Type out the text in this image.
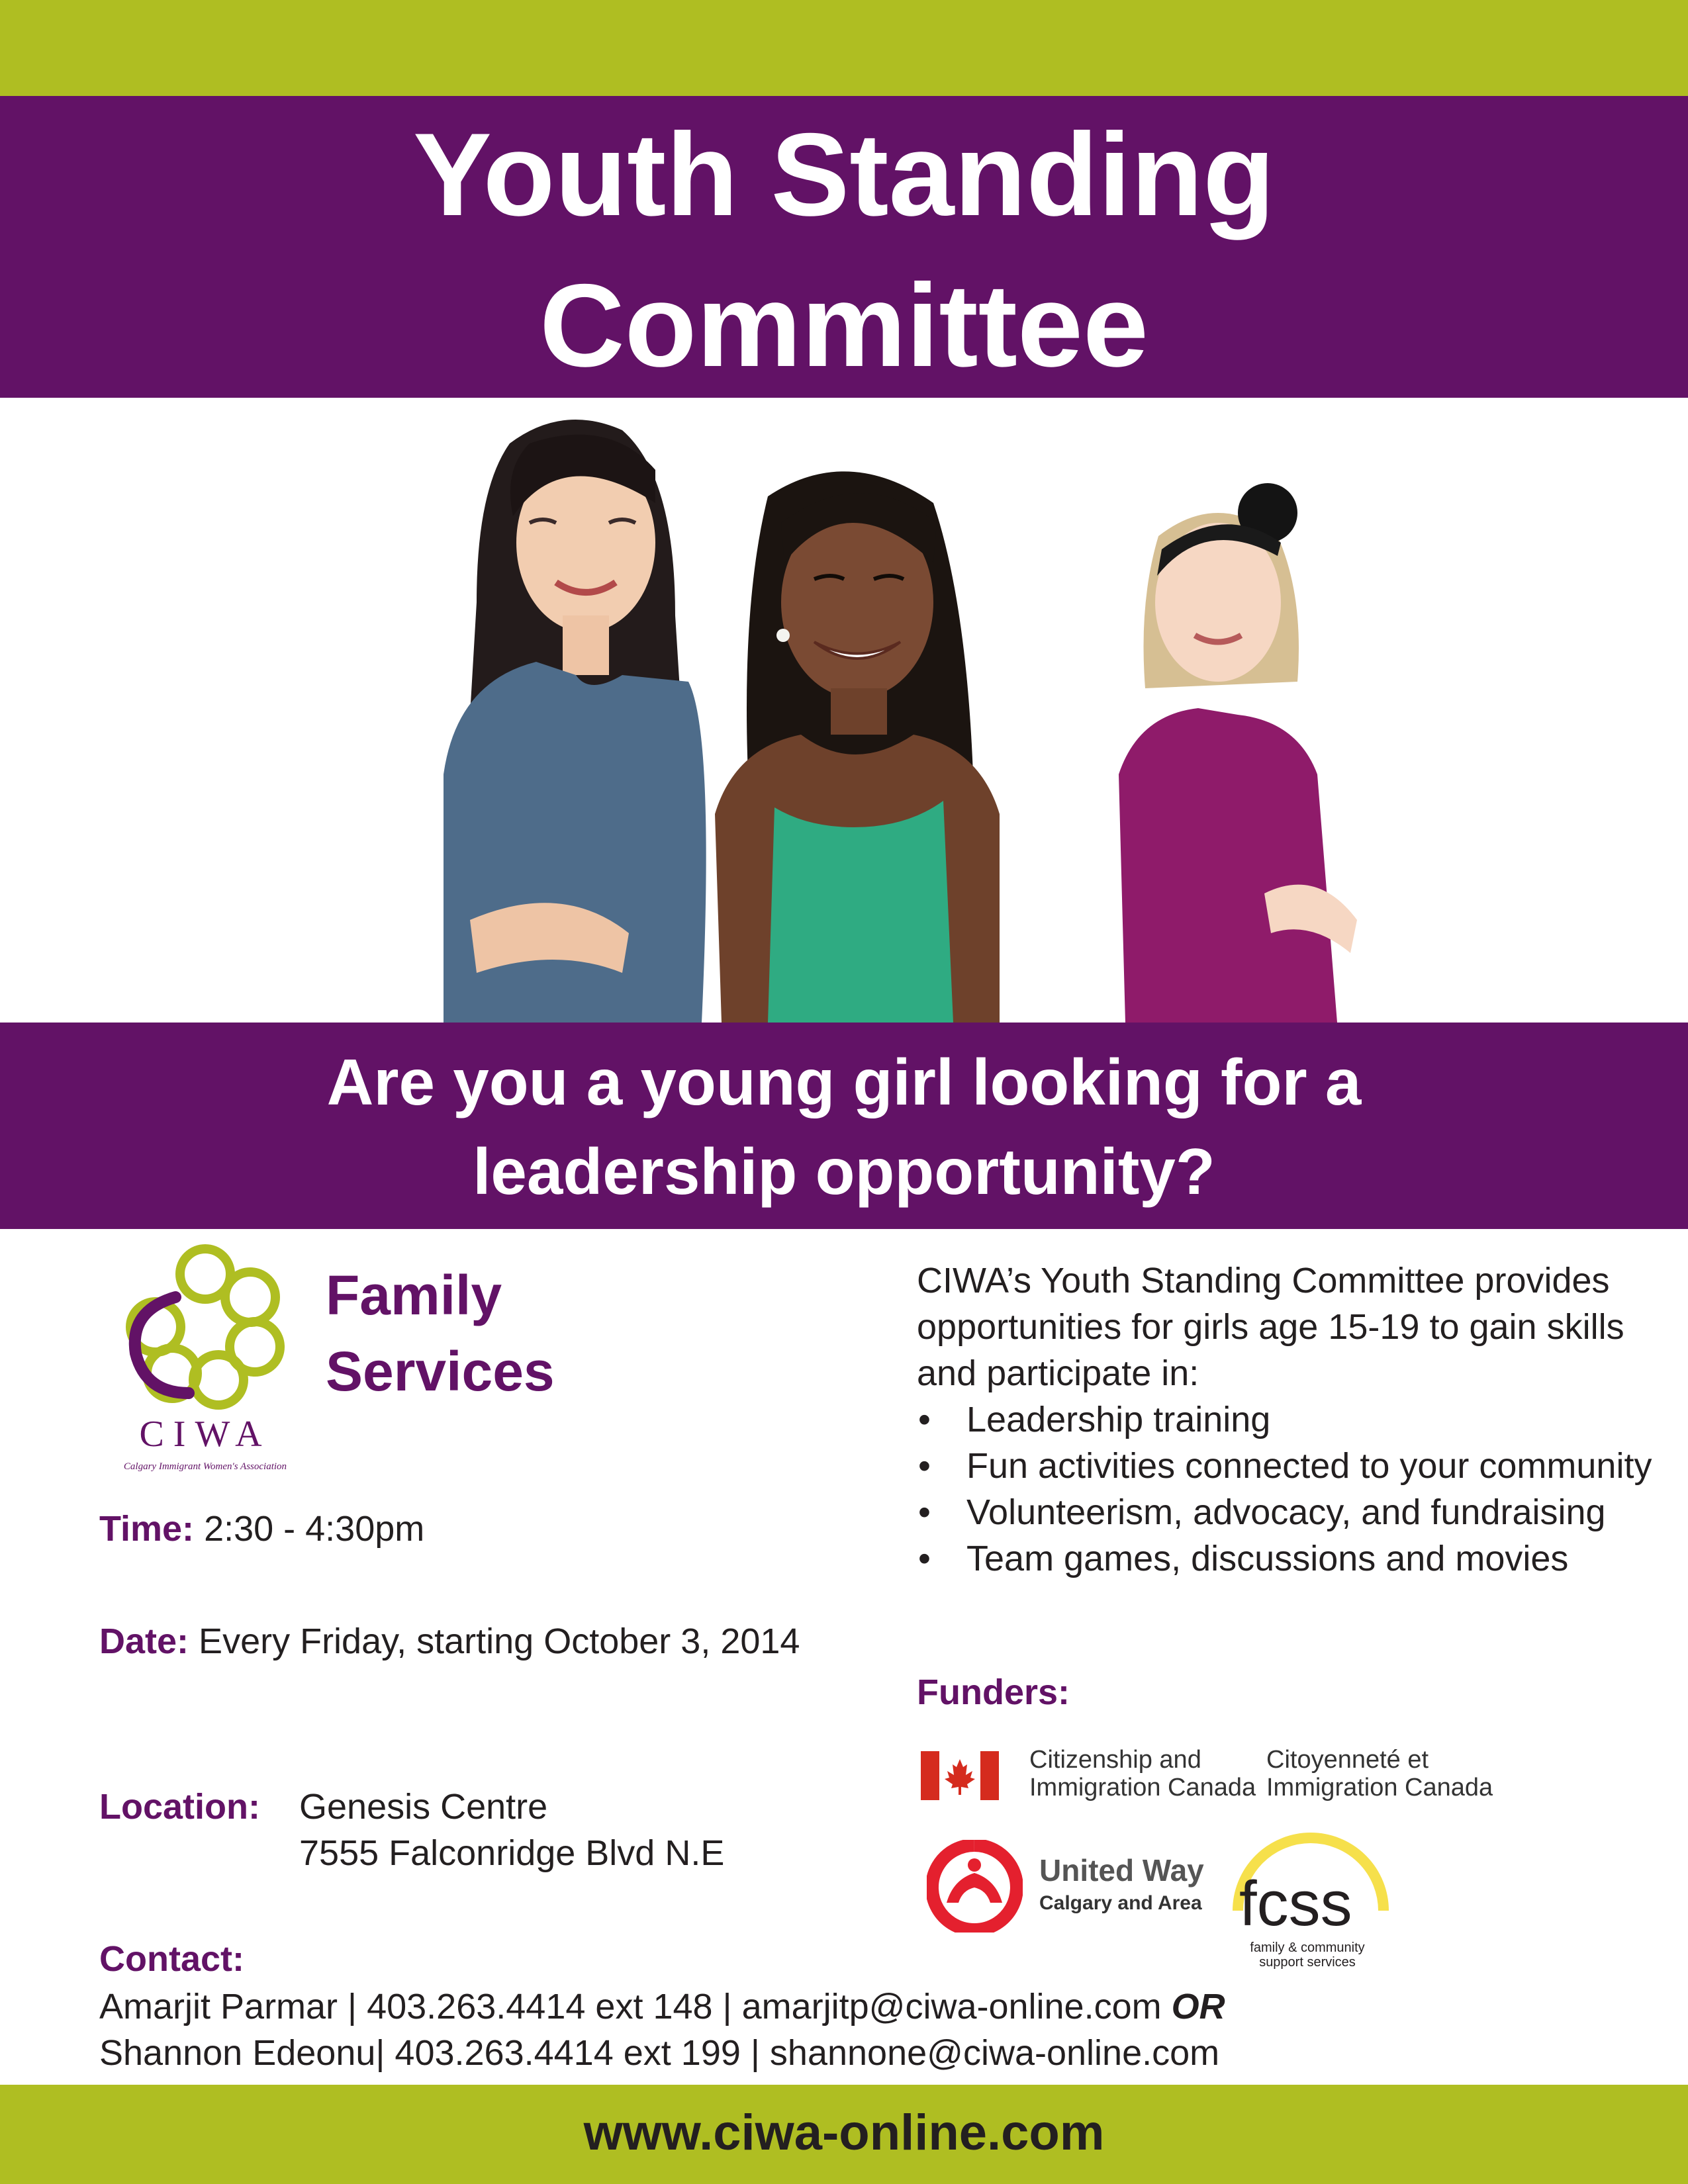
Youth Standing
Committee
Are you a young girl looking for a
leadership opportunity?
CIWA
Calgary Immigrant Women's Association
Family
Services

Time: 2:30 - 4:30pm

Date: Every Friday, starting October 3, 2014

Location: Genesis Centre
7555 Falconridge Blvd N.E
Contact:
Amarjit Parmar | 403.263.4414 ext 148 | amarjitp@ciwa-online.com OR
Shannon Edeonu| 403.263.4414 ext 199 | shannone@ciwa-online.com

CIWA’s Youth Standing Committee provides opportunities for girls age 15-19 to gain skills and participate in:

• Leadership training
• Fun activities connected to your community
• Volunteerism, advocacy, and fundraising
• Team games, discussions and movies
Funders:
Citizenship and
Immigration Canada
Citoyenneté et
Immigration Canada
United Way
Calgary and Area fcss
family & community support services
www.ciwa-online.com
